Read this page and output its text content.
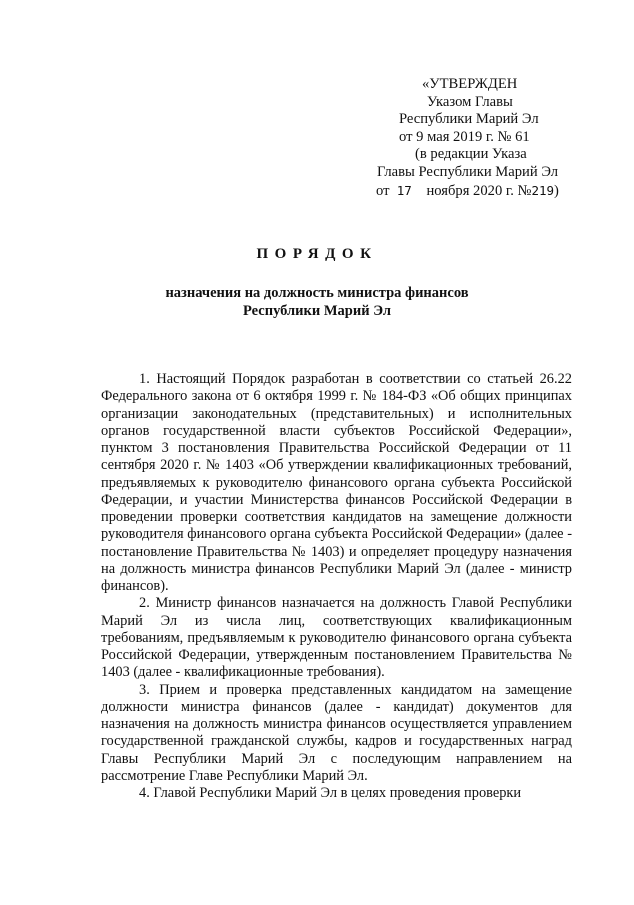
«УТВЕРЖДЕН
Указом Главы
Республики Марий Эл
от 9 мая 2019 г. № 61
(в редакции Указа
Главы Республики Марий Эл
от 17 ноября 2020 г. №219)
ПОРЯДОК
назначения на должность министра финансов
Республики Марий Эл

1. Настоящий Порядок разработан в соответствии со статьей 26.22 Федерального закона от 6 октября 1999 г. № 184-ФЗ «Об общих принципах организации законодательных (представительных) и исполнительных органов государственной власти субъектов Российской Федерации», пунктом 3 постановления Правительства Российской Федерации от 11 сентября 2020 г. № 1403 «Об утверждении квалификационных требований, предъявляемых к руководителю финансового органа субъекта Российской Федерации, и участии Министерства финансов Российской Федерации в проведении проверки соответствия кандидатов на замещение должности руководителя финансового органа субъекта Российской Федерации» (далее - постановление Правительства № 1403) и определяет процедуру назначения на должность министра финансов Республики Марий Эл (далее - министр финансов).

2. Министр финансов назначается на должность Главой Республики Марий Эл из числа лиц, соответствующих квалификационным требованиям, предъявляемым к руководителю финансового органа субъекта Российской Федерации, утвержденным постановлением Правительства № 1403 (далее - квалификационные требования).

3. Прием и проверка представленных кандидатом на замещение должности министра финансов (далее - кандидат) документов для назначения на должность министра финансов осуществляется управлением государственной гражданской службы, кадров и государственных наград Главы Республики Марий Эл с последующим направлением на рассмотрение Главе Республики Марий Эл.

4. Главой Республики Марий Эл в целях проведения проверки
